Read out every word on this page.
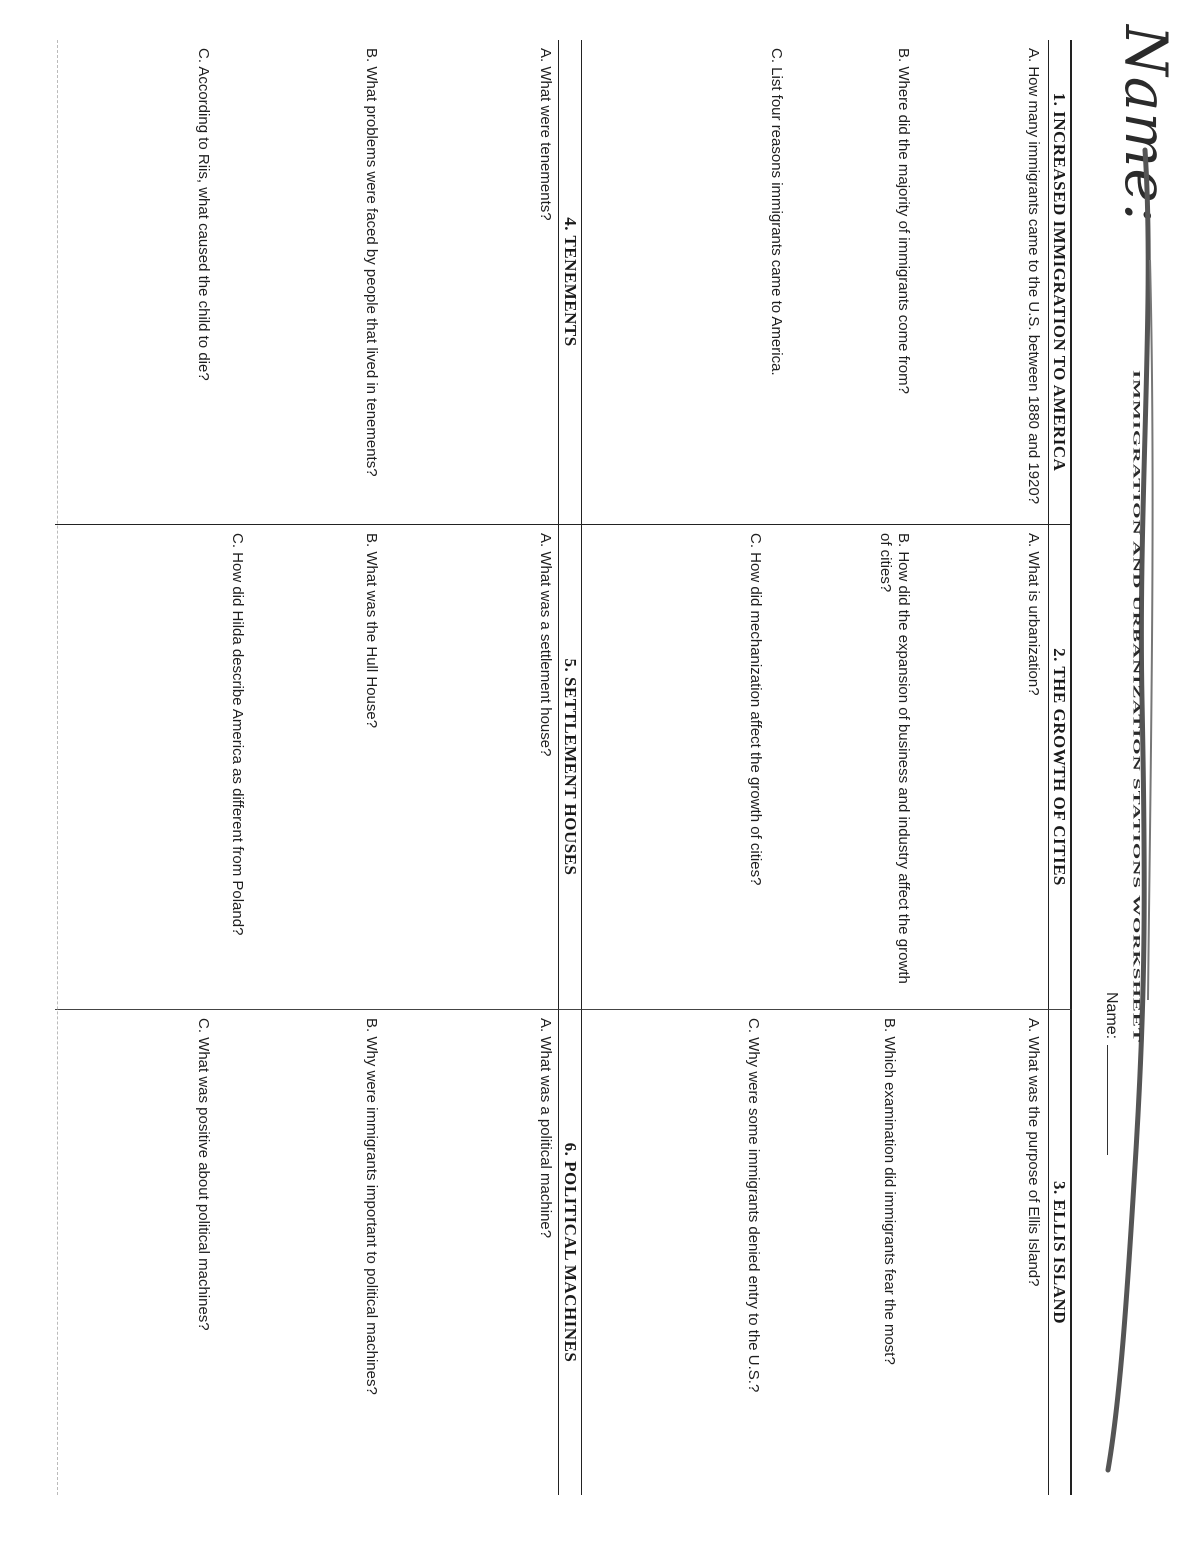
Name:
IMMIGRATION AND URBANIZATION STATIONS WORKSHEET
Name:
1. INCREASED IMMIGRATION TO AMERICA
2. THE GROWTH OF CITIES
3. ELLIS ISLAND

A. How many immigrants came to the U.S. between 1880 and 1920?

B. Where did the majority of immigrants come from?

C. List four reasons immigrants came to America.

A. What is urbanization?

B. How did the expansion of business and industry affect the growth of cities?

C. How did mechanization affect the growth of cities?

A. What was the purpose of Ellis Island?

B. Which examination did immigrants fear the most?

C. Why were some immigrants denied entry to the U.S.?

4. TENEMENTS
5. SETTLEMENT HOUSES
6. POLITICAL MACHINES

A. What were tenements?

B. What problems were faced by people that lived in tenements?

C. According to Riis, what caused the child to die?

A. What was a settlement house?

B. What was the Hull House?

C. How did Hilda describe America as different from Poland?

A. What was a political machine?

B. Why were immigrants important to political machines?

C. What was positive about political machines?
